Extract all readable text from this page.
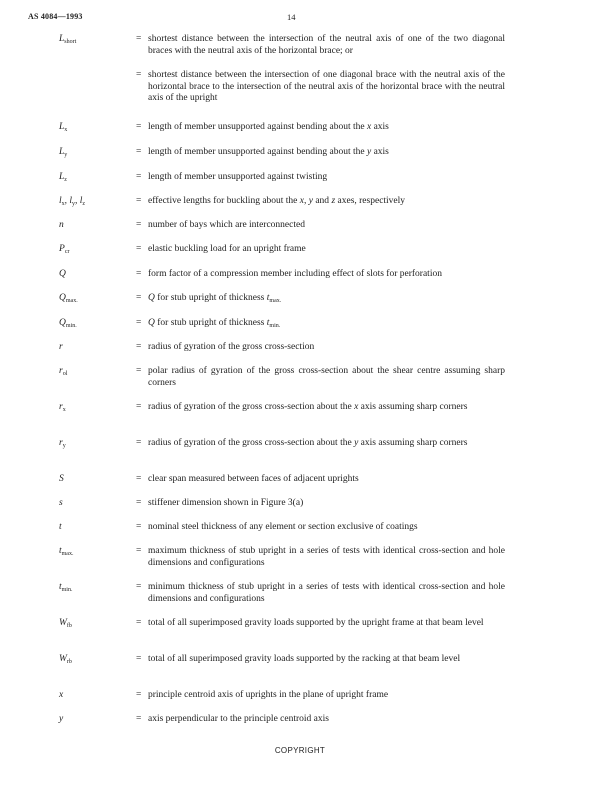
AS 4084—1993	14
$L_{short}$	= shortest distance between the intersection of the neutral axis of one of the two diagonal braces with the neutral axis of the horizontal brace; or
= shortest distance between the intersection of one diagonal brace with the neutral axis of the horizontal brace to the intersection of the neutral axis of the horizontal brace with the neutral axis of the upright
$L_x$	= length of member unsupported against bending about the x axis
$L_y$	= length of member unsupported against bending about the y axis
$L_z$	= length of member unsupported against twisting
$l_x$, $l_y$, $l_z$	= effective lengths for buckling about the x, y and z axes, respectively
n	= number of bays which are interconnected
$P_{cr}$	= elastic buckling load for an upright frame
Q	= form factor of a compression member including effect of slots for perforation
$Q_{max.}$	= Q for stub upright of thickness $t_{max.}$
$Q_{min.}$	= Q for stub upright of thickness $t_{min.}$
r	= radius of gyration of the gross cross-section
$r_{ol}$	= polar radius of gyration of the gross cross-section about the shear centre assuming sharp corners
$r_x$	= radius of gyration of the gross cross-section about the x axis assuming sharp corners
$r_y$	= radius of gyration of the gross cross-section about the y axis assuming sharp corners
S	= clear span measured between faces of adjacent uprights
s	= stiffener dimension shown in Figure 3(a)
t	= nominal steel thickness of any element or section exclusive of coatings
$t_{max.}$	= maximum thickness of stub upright in a series of tests with identical cross-section and hole dimensions and configurations
$t_{min.}$	= minimum thickness of stub upright in a series of tests with identical cross-section and hole dimensions and configurations
$W_{fb}$	= total of all superimposed gravity loads supported by the upright frame at that beam level
$W_{rb}$	= total of all superimposed gravity loads supported by the racking at that beam level
x	= principle centroid axis of uprights in the plane of upright frame
y	= axis perpendicular to the principle centroid axis
COPYRIGHT
